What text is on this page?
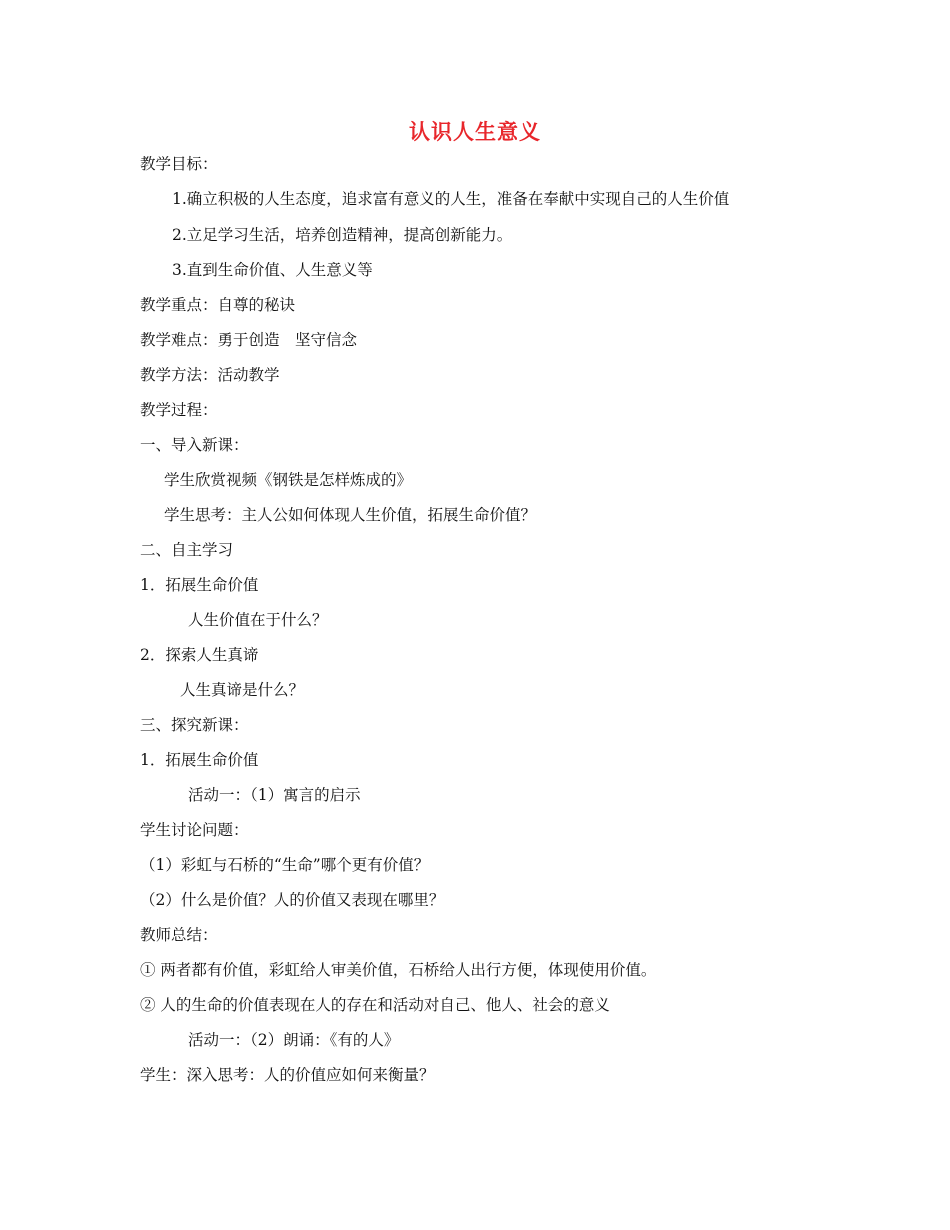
认识人生意义
教学目标：
1.确立积极的人生态度，追求富有意义的人生，准备在奉献中实现自己的人生价值
2.立足学习生活，培养创造精神，提高创新能力。
3.直到生命价值、人生意义等
教学重点：自尊的秘诀
教学难点：勇于创造　坚守信念
教学方法：活动教学
教学过程：
一、导入新课：
学生欣赏视频《钢铁是怎样炼成的》
学生思考：主人公如何体现人生价值，拓展生命价值？
二、自主学习
1．拓展生命价值
人生价值在于什么？
2．探索人生真谛
人生真谛是什么？
三、探究新课：
1．拓展生命价值
活动一：（1）寓言的启示
学生讨论问题：
（1）彩虹与石桥的“生命”哪个更有价值？
（2）什么是价值？人的价值又表现在哪里？
教师总结：
① 两者都有价值，彩虹给人审美价值，石桥给人出行方便，体现使用价值。
② 人的生命的价值表现在人的存在和活动对自己、他人、社会的意义
活动一：（2）朗诵：《有的人》
学生：深入思考：人的价值应如何来衡量？
